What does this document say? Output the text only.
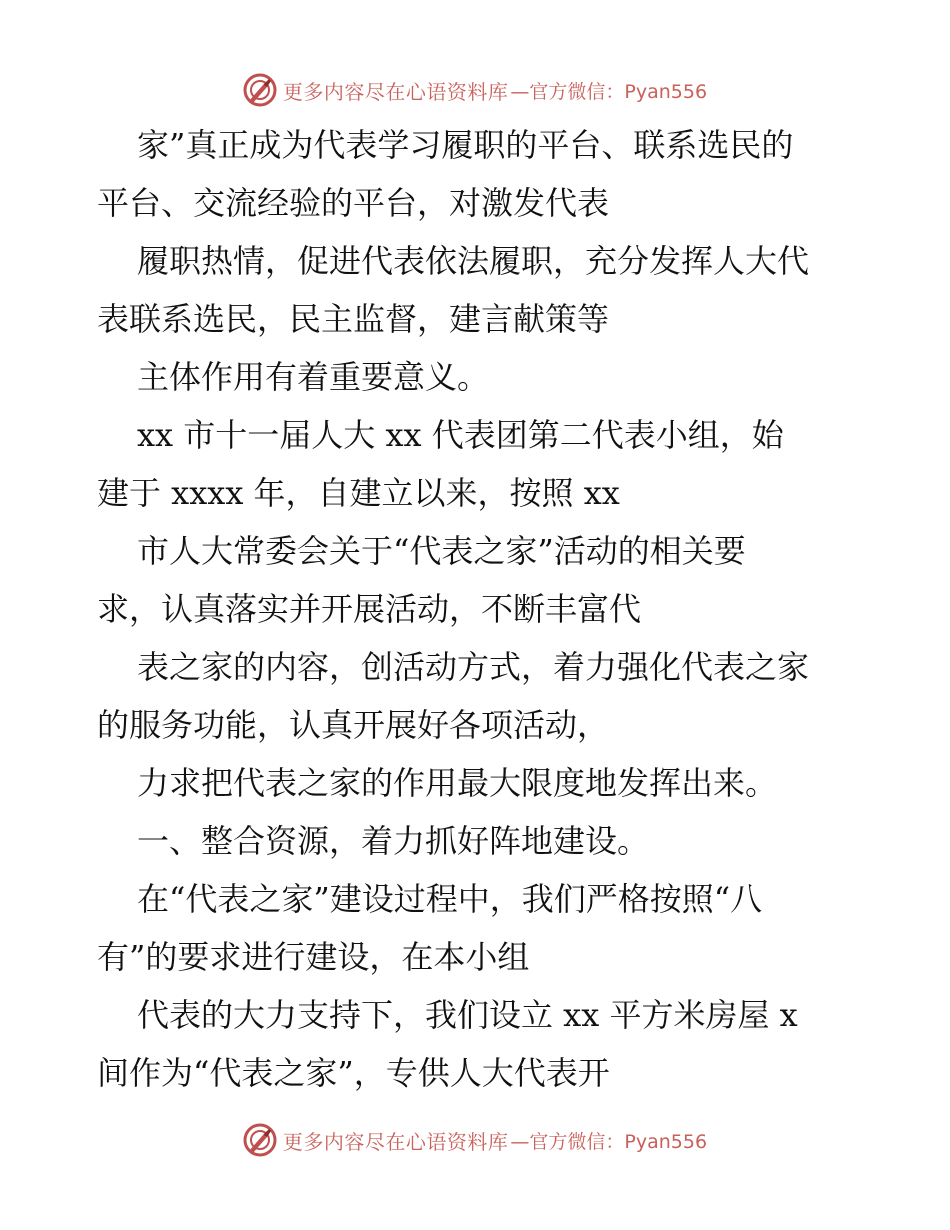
更多内容尽在心语资料库 —官方微信：Pyan556
家”真正成为代表学习履职的平台、联系选民的
平台、交流经验的平台，对激发代表
履职热情，促进代表依法履职，充分发挥人大代
表联系选民，民主监督，建言献策等
主体作用有着重要意义。
xx 市十一届人大 xx 代表团第二代表小组，始
建于 xxxx 年，自建立以来，按照 xx
市人大常委会关于“代表之家”活动的相关要
求，认真落实并开展活动，不断丰富代
表之家的内容，创活动方式，着力强化代表之家
的服务功能，认真开展好各项活动，
力求把代表之家的作用最大限度地发挥出来。
一、整合资源，着力抓好阵地建设。
在“代表之家”建设过程中，我们严格按照“八
有”的要求进行建设，在本小组
代表的大力支持下，我们设立 xx 平方米房屋 x
间作为“代表之家”，专供人大代表开
更多内容尽在心语资料库 —官方微信：Pyan556
